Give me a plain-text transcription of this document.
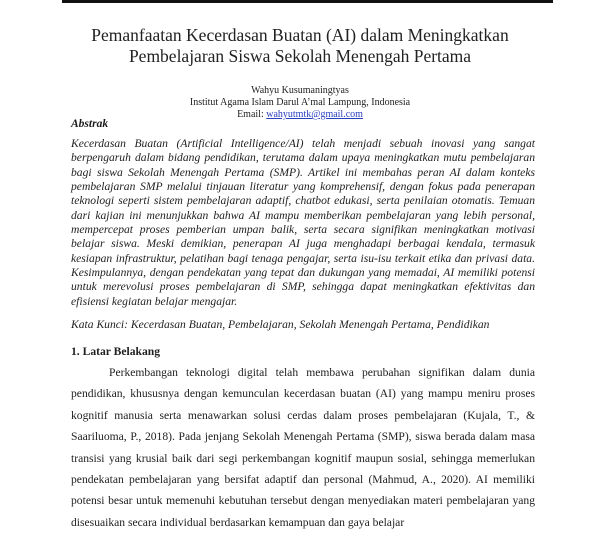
Pemanfaatan Kecerdasan Buatan (AI) dalam Meningkatkan
Pembelajaran Siswa Sekolah Menengah Pertama
Wahyu Kusumaningtyas
Institut Agama Islam Darul A’mal Lampung, Indonesia
Email: wahyutmtk@gmail.com
Abstrak
Kecerdasan Buatan (Artificial Intelligence/AI) telah menjadi sebuah inovasi yang sangat berpengaruh dalam bidang pendidikan, terutama dalam upaya meningkatkan mutu pembelajaran bagi siswa Sekolah Menengah Pertama (SMP). Artikel ini membahas peran AI dalam konteks pembelajaran SMP melalui tinjauan literatur yang komprehensif, dengan fokus pada penerapan teknologi seperti sistem pembelajaran adaptif, chatbot edukasi, serta penilaian otomatis. Temuan dari kajian ini menunjukkan bahwa AI mampu memberikan pembelajaran yang lebih personal, mempercepat proses pemberian umpan balik, serta secara signifikan meningkatkan motivasi belajar siswa. Meski demikian, penerapan AI juga menghadapi berbagai kendala, termasuk kesiapan infrastruktur, pelatihan bagi tenaga pengajar, serta isu-isu terkait etika dan privasi data. Kesimpulannya, dengan pendekatan yang tepat dan dukungan yang memadai, AI memiliki potensi untuk merevolusi proses pembelajaran di SMP, sehingga dapat meningkatkan efektivitas dan efisiensi kegiatan belajar mengajar.
Kata Kunci: Kecerdasan Buatan, Pembelajaran, Sekolah Menengah Pertama, Pendidikan
1. Latar Belakang
Perkembangan teknologi digital telah membawa perubahan signifikan dalam dunia pendidikan, khususnya dengan kemunculan kecerdasan buatan (AI) yang mampu meniru proses kognitif manusia serta menawarkan solusi cerdas dalam proses pembelajaran (Kujala, T., & Saariluoma, P., 2018). Pada jenjang Sekolah Menengah Pertama (SMP), siswa berada dalam masa transisi yang krusial baik dari segi perkembangan kognitif maupun sosial, sehingga memerlukan pendekatan pembelajaran yang bersifat adaptif dan personal (Mahmud, A., 2020). AI memiliki potensi besar untuk memenuhi kebutuhan tersebut dengan menyediakan materi pembelajaran yang disesuaikan secara individual berdasarkan kemampuan dan gaya belajar
